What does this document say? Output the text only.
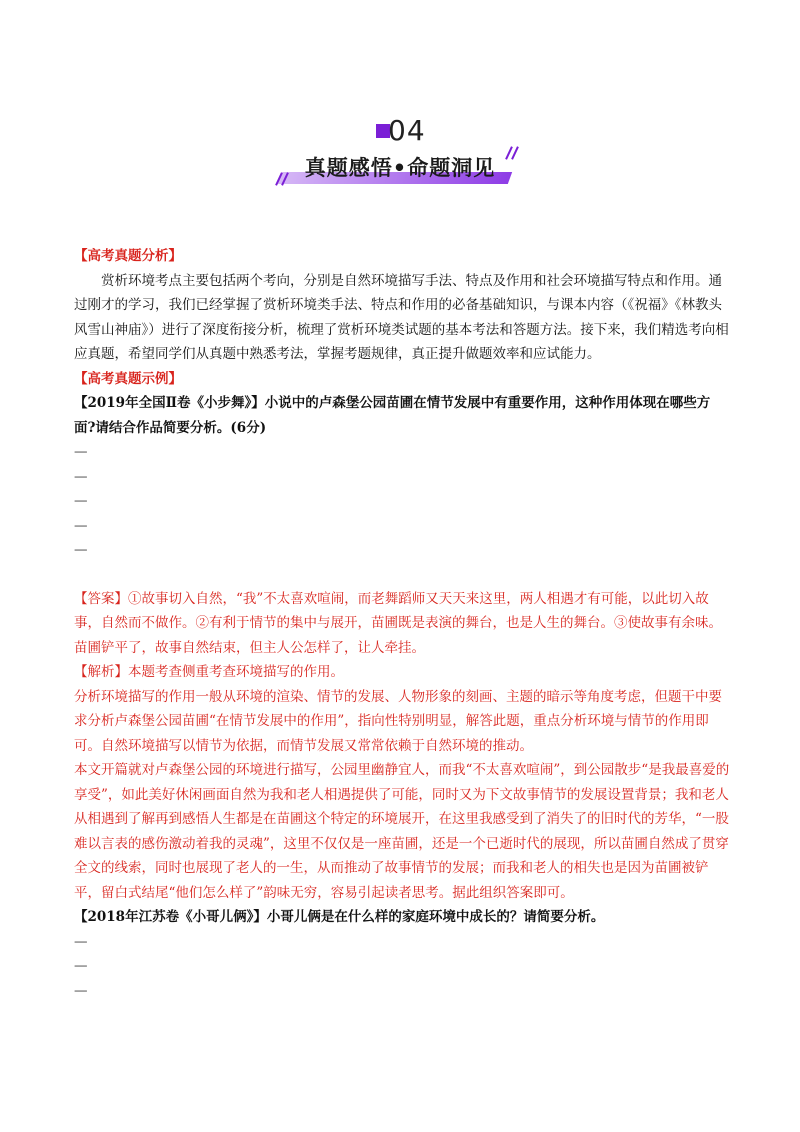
04
真题感悟•命题洞见

【高考真题分析】

赏析环境考点主要包括两个考向，分别是自然环境描写手法、特点及作用和社会环境描写特点和作用。通过刚才的学习，我们已经掌握了赏析环境类手法、特点和作用的必备基础知识，与课本内容（《祝福》《林教头风雪山神庙》）进行了深度衔接分析，梳理了赏析环境类试题的基本考法和答题方法。接下来，我们精选考向相应真题，希望同学们从真题中熟悉考法，掌握考题规律，真正提升做题效率和应试能力。

【高考真题示例】

【2019年全国Ⅱ卷《小步舞》】小说中的卢森堡公园苗圃在情节发展中有重要作用，这种作用体现在哪些方面?请结合作品简要分析。(6分)

—

—

—

—

—

【答案】①故事切入自然，“我”不太喜欢喧闹，而老舞蹈师又天天来这里，两人相遇才有可能，以此切入故事，自然而不做作。②有利于情节的集中与展开，苗圃既是表演的舞台，也是人生的舞台。③使故事有余味。苗圃铲平了，故事自然结束，但主人公怎样了，让人牵挂。

【解析】本题考查侧重考查环境描写的作用。

分析环境描写的作用一般从环境的渲染、情节的发展、人物形象的刻画、主题的暗示等角度考虑，但题干中要求分析卢森堡公园苗圃“在情节发展中的作用”，指向性特别明显，解答此题，重点分析环境与情节的作用即可。自然环境描写以情节为依据，而情节发展又常常依赖于自然环境的推动。

本文开篇就对卢森堡公园的环境进行描写，公园里幽静宜人，而我“不太喜欢喧闹”，到公园散步“是我最喜爱的享受”，如此美好休闲画面自然为我和老人相遇提供了可能，同时又为下文故事情节的发展设置背景；我和老人从相遇到了解再到感悟人生都是在苗圃这个特定的环境展开，在这里我感受到了消失了的旧时代的芳华，“一股难以言表的感伤激动着我的灵魂”，这里不仅仅是一座苗圃，还是一个已逝时代的展现，所以苗圃自然成了贯穿全文的线索，同时也展现了老人的一生，从而推动了故事情节的发展；而我和老人的相失也是因为苗圃被铲平，留白式结尾“他们怎么样了”韵味无穷，容易引起读者思考。据此组织答案即可。

【2018年江苏卷《小哥儿俩》】小哥儿俩是在什么样的家庭环境中成长的？请简要分析。

—

—

—
